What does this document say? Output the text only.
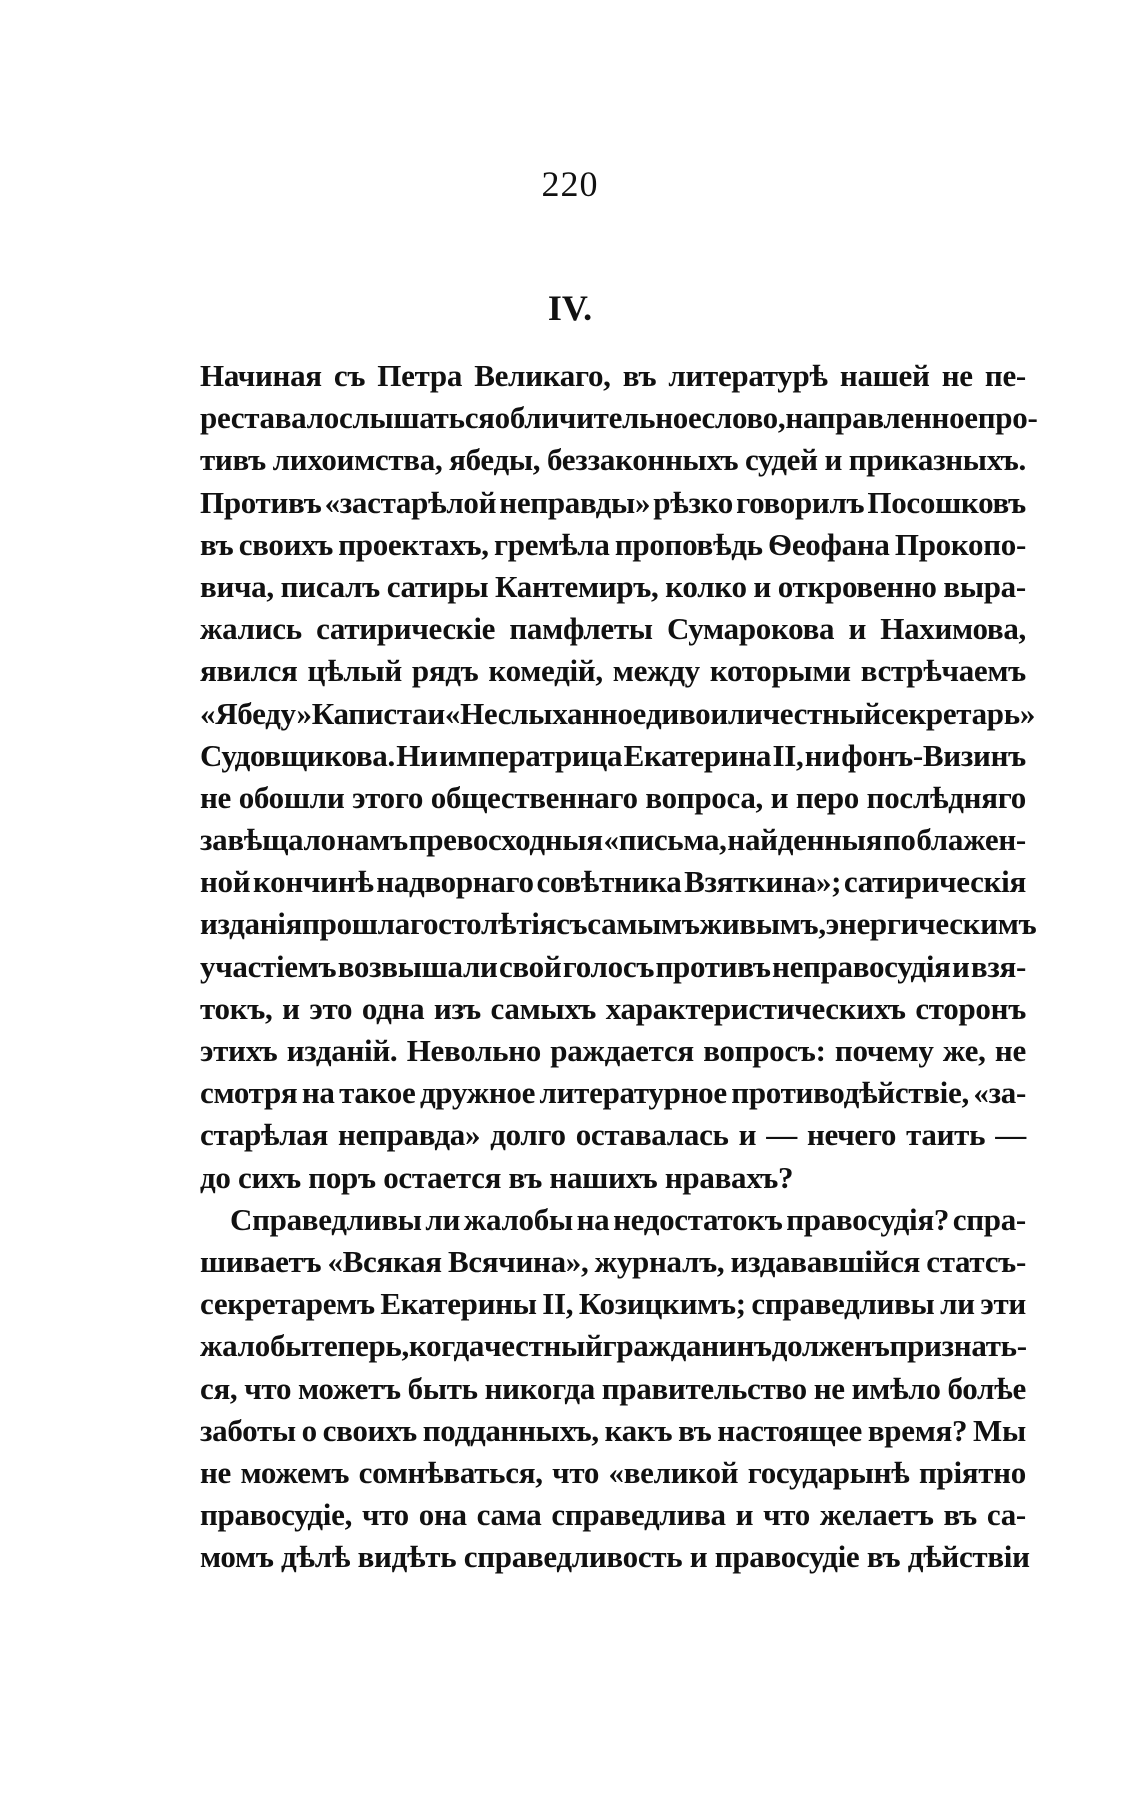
220
IV.
Начиная съ Петра Великаго, въ литературѣ нашей не пе-
реставало слышаться обличительное слово, направленное про-
тивъ лихоимства, ябеды, беззаконныхъ судей и приказныхъ.
Противъ «застарѣлой неправды» рѣзко говорилъ Посошковъ
въ своихъ проектахъ, гремѣла проповѣдь Ѳеофана Прокопо-
вича, писалъ сатиры Кантемиръ, колко и откровенно выра-
жались сатирическіе памфлеты Сумарокова и Нахимова,
явился цѣлый рядъ комедій, между которыми встрѣчаемъ
«Ябеду» Каписта и «Неслыханное диво или честный секретарь»
Судовщикова. Ни императрица Екатерина II, ни фонъ-Визинъ
не обошли этого общественнаго вопроса, и перо послѣдняго
завѣщало намъ превосходныя «письма, найденныя по блажен-
ной кончинѣ надворнаго совѣтника Взяткина»; сатирическія
изданія прошлаго столѣтія съ самымъ живымъ, энергическимъ
участіемъ возвышали свой голосъ противъ неправосудія и взя-
токъ, и это одна изъ самыхъ характеристическихъ сторонъ
этихъ изданій. Невольно раждается вопросъ: почему же, не
смотря на такое дружное литературное противодѣйствіе, «за-
старѣлая неправда» долго оставалась и — нечего таить —
до сихъ поръ остается въ нашихъ нравахъ?
Справедливы ли жалобы на недостатокъ правосудія? спра-
шиваетъ «Всякая Всячина», журналъ, издававшійся статсъ-
секретаремъ Екатерины II, Козицкимъ; справедливы ли эти
жалобы теперь, когда честный гражданинъ долженъ признать-
ся, что можетъ быть никогда правительство не имѣло болѣе
заботы о своихъ подданныхъ, какъ въ настоящее время? Мы
не можемъ сомнѣваться, что «великой государынѣ пріятно
правосудіе, что она сама справедлива и что желаетъ въ са-
момъ дѣлѣ видѣть справедливость и правосудіе въ дѣйствіи
